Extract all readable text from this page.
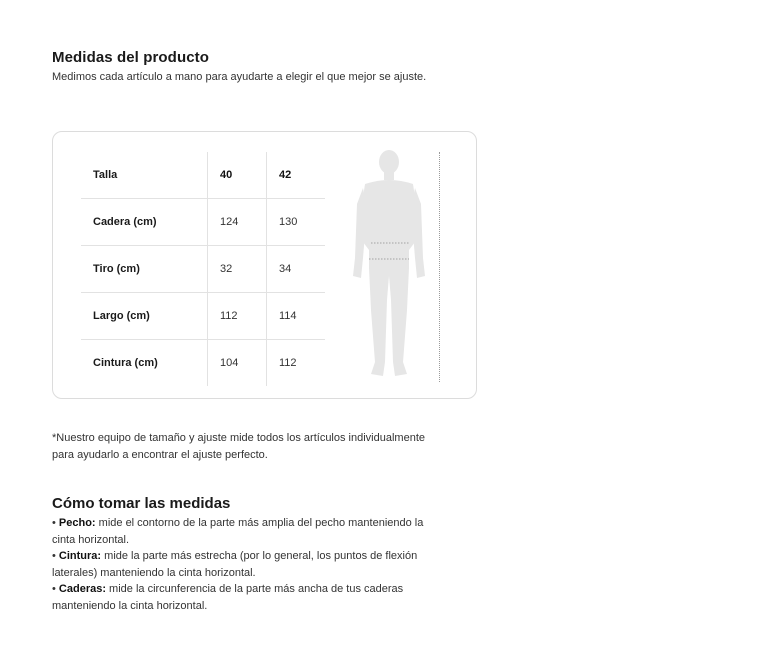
Medidas del producto

Medimos cada artículo a mano para ayudarte a elegir el que mejor se ajuste.

Talla	40	42
Cadera (cm)	124	130
Tiro (cm)	32	34
Largo (cm)	112	114
Cintura (cm)	104	112

*Nuestro equipo de tamaño y ajuste mide todos los artículos individualmente para ayudarlo a encontrar el ajuste perfecto.

Cómo tomar las medidas
• Pecho: mide el contorno de la parte más amplia del pecho manteniendo la cinta horizontal.
• Cintura: mide la parte más estrecha (por lo general, los puntos de flexión laterales) manteniendo la cinta horizontal.
• Caderas: mide la circunferencia de la parte más ancha de tus caderas manteniendo la cinta horizontal.
